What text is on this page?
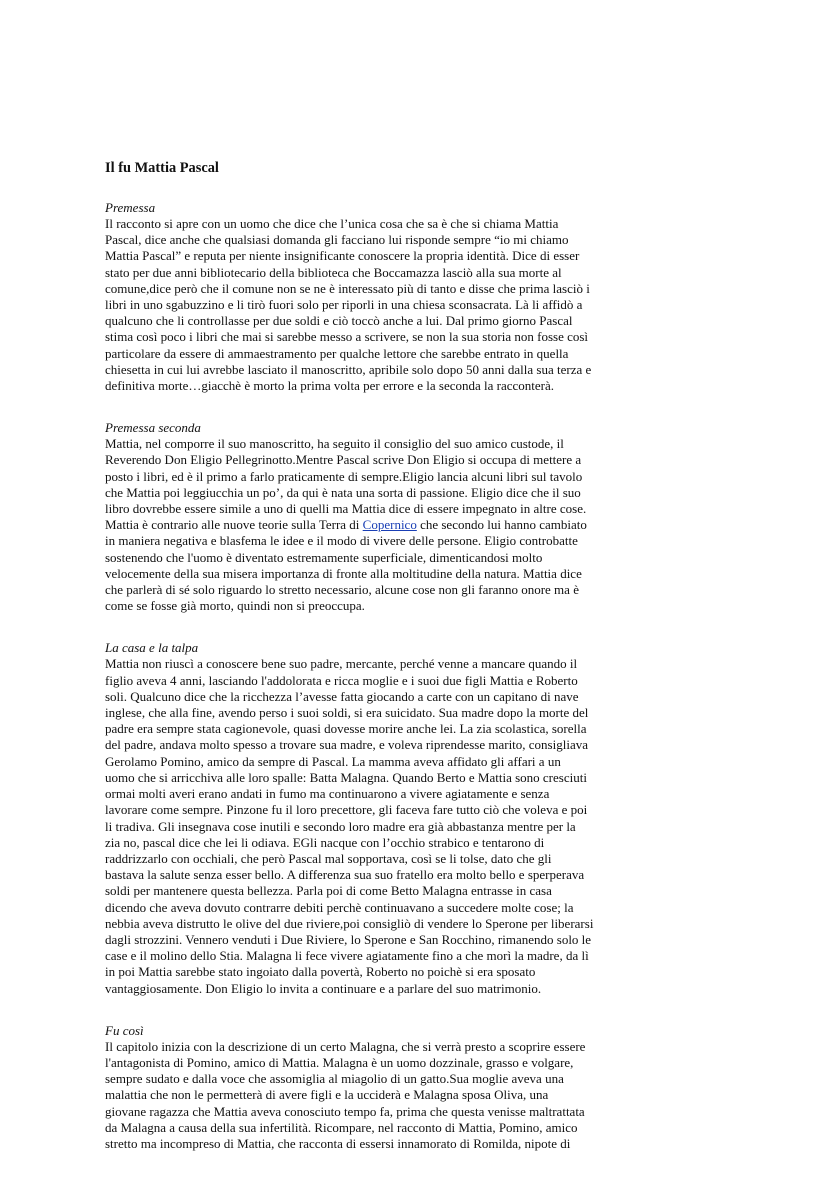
Il fu Mattia Pascal
Premessa
Il racconto si apre con un uomo che dice che l’unica cosa che sa è che si chiama Mattia
Pascal, dice anche che qualsiasi domanda gli facciano lui risponde sempre “io mi chiamo
Mattia Pascal” e reputa per niente insignificante conoscere la propria identità. Dice di esser
stato per due anni bibliotecario della biblioteca che Boccamazza lasciò alla sua morte al
comune,dice però che il comune non se ne è interessato più di tanto e disse che prima lasciò i
libri in uno sgabuzzino e li tirò fuori solo per riporli in una chiesa sconsacrata. Là li affidò a
qualcuno che li controllasse per due soldi e ciò toccò anche a lui. Dal primo giorno Pascal
stima così poco i libri che mai si sarebbe messo a scrivere, se non la sua storia non fosse così
particolare da essere di ammaestramento per qualche lettore che sarebbe entrato in quella
chiesetta in cui lui avrebbe lasciato il manoscritto, apribile solo dopo 50 anni dalla sua terza e
definitiva morte…giacchè è morto la prima volta per errore e la seconda la racconterà.
Premessa seconda
Mattia, nel comporre il suo manoscritto, ha seguito il consiglio del suo amico custode, il
Reverendo Don Eligio Pellegrinotto.Mentre Pascal scrive Don Eligio si occupa di mettere a
posto i libri, ed è il primo a farlo praticamente di sempre.Eligio lancia alcuni libri sul tavolo
che Mattia poi leggiucchia un po’, da qui è nata una sorta di passione. Eligio dice che il suo
libro dovrebbe essere simile a uno di quelli ma Mattia dice di essere impegnato in altre cose.
Mattia è contrario alle nuove teorie sulla Terra di Copernico che secondo lui hanno cambiato
in maniera negativa e blasfema le idee e il modo di vivere delle persone. Eligio controbatte
sostenendo che l'uomo è diventato estremamente superficiale, dimenticandosi molto
velocemente della sua misera importanza di fronte alla moltitudine della natura. Mattia dice
che parlerà di sé solo riguardo lo stretto necessario, alcune cose non gli faranno onore ma è
come se fosse già morto, quindi non si preoccupa.
La casa e la talpa
Mattia non riuscì a conoscere bene suo padre, mercante, perché venne a mancare quando il
figlio aveva 4 anni, lasciando l'addolorata e ricca moglie e i suoi due figli Mattia e Roberto
soli. Qualcuno dice che la ricchezza l’avesse fatta giocando a carte con un capitano di nave
inglese, che alla fine, avendo perso i suoi soldi, si era suicidato. Sua madre dopo la morte del
padre era sempre stata cagionevole, quasi dovesse morire anche lei. La zia scolastica, sorella
del padre, andava molto spesso a trovare sua madre, e voleva riprendesse marito, consigliava
Gerolamo Pomino, amico da sempre di Pascal. La mamma aveva affidato gli affari a un
uomo che si arricchiva alle loro spalle: Batta Malagna. Quando Berto e Mattia sono cresciuti
ormai molti averi erano andati in fumo ma continuarono a vivere agiatamente e senza
lavorare come sempre. Pinzone fu il loro precettore, gli faceva fare tutto ciò che voleva e poi
li tradiva. Gli insegnava cose inutili e secondo loro madre era già abbastanza mentre per la
zia no, pascal dice che lei li odiava. EGli nacque con l’occhio strabico e tentarono di
raddrizzarlo con occhiali, che però Pascal mal sopportava, così se li tolse, dato che gli
bastava la salute senza esser bello. A differenza sua suo fratello era molto bello e sperperava
soldi per mantenere questa bellezza. Parla poi di come Betto Malagna entrasse in casa
dicendo che aveva dovuto contrarre debiti perchè continuavano a succedere molte cose; la
nebbia aveva distrutto le olive del due riviere,poi consigliò di vendere lo Sperone per liberarsi
dagli strozzini. Vennero venduti i Due Riviere, lo Sperone e San Rocchino, rimanendo solo le
case e il molino dello Stia. Malagna li fece vivere agiatamente fino a che morì la madre, da lì
in poi Mattia sarebbe stato ingoiato dalla povertà, Roberto no poichè si era sposato
vantaggiosamente. Don Eligio lo invita a continuare e a parlare del suo matrimonio.
Fu così
Il capitolo inizia con la descrizione di un certo Malagna, che si verrà presto a scoprire essere
l'antagonista di Pomino, amico di Mattia. Malagna è un uomo dozzinale, grasso e volgare,
sempre sudato e dalla voce che assomiglia al miagolio di un gatto.Sua moglie aveva una
malattia che non le permetterà di avere figli e la ucciderà e Malagna sposa Oliva, una
giovane ragazza che Mattia aveva conosciuto tempo fa, prima che questa venisse maltrattata
da Malagna a causa della sua infertilità. Ricompare, nel racconto di Mattia, Pomino, amico
stretto ma incompreso di Mattia, che racconta di essersi innamorato di Romilda, nipote di
